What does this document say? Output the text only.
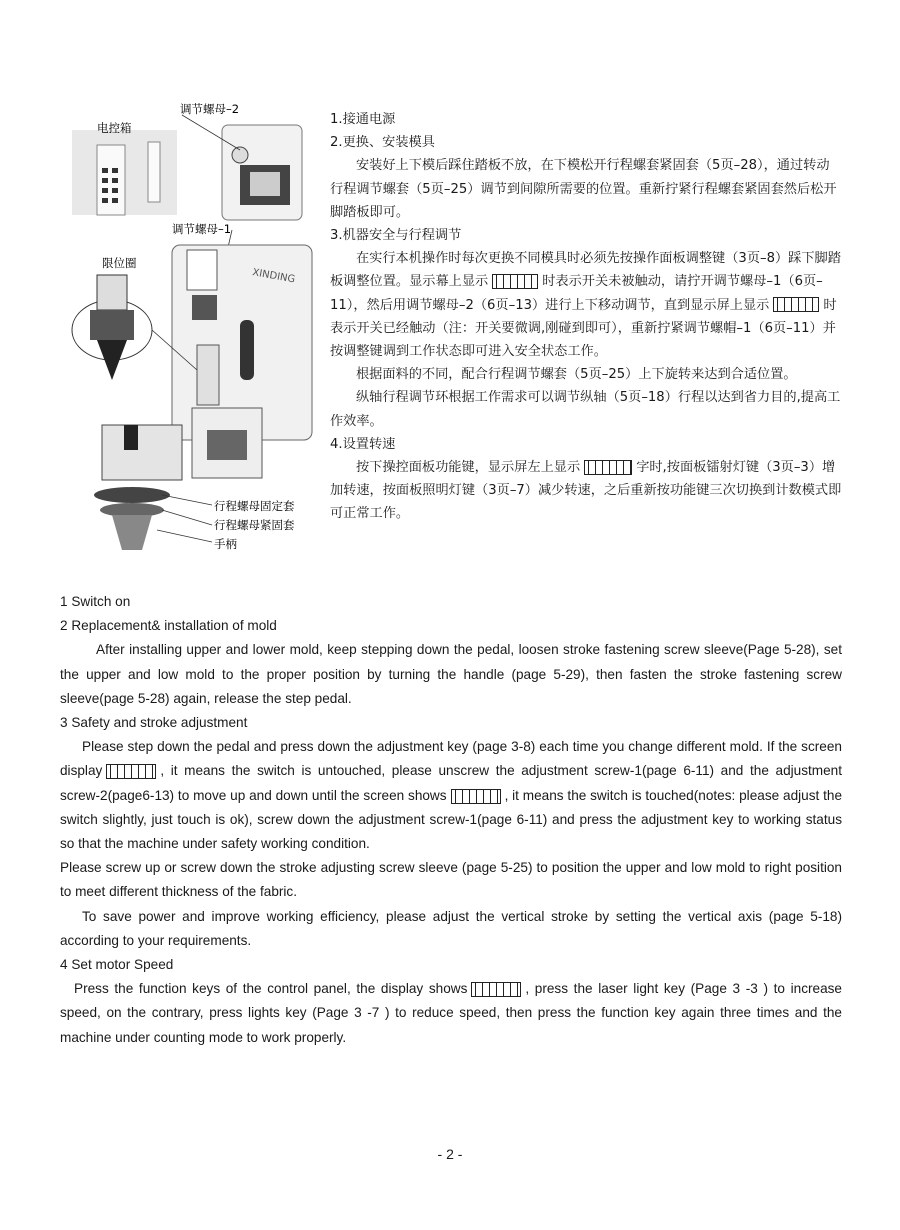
XINDING
电控箱
调节螺母–2
调节螺母–1
限位圈
行程螺母固定套
行程螺母紧固套
手柄

1.接通电源

2.更换、安装模具

安装好上下模后踩住踏板不放，在下模松开行程螺套紧固套（5页–28），通过转动行程调节螺套（5页–25）调节到间隙所需要的位置。重新拧紧行程螺套紧固套然后松开脚踏板即可。

3.机器安全与行程调节

在实行本机操作时每次更换不同模具时必须先按操作面板调整键（3页–8）踩下脚踏板调整位置。显示幕上显示	时表示开关未被触动，请拧开调节螺母–1（6页–11），然后用调节螺母–2（6页–13）进行上下移动调节，直到显示屏上显示	时表示开关已经触动（注：开关要微调,刚碰到即可），重新拧紧调节螺帽–1（6页–11）并按调整键调到工作状态即可进入安全状态工作。

根据面料的不同，配合行程调节螺套（5页–25）上下旋转来达到合适位置。

纵轴行程调节环根据工作需求可以调节纵轴（5页–18）行程以达到省力目的,提高工作效率。

4.设置转速

按下操控面板功能键，显示屏左上显示	字时,按面板镭射灯键（3页–3）增加转速，按面板照明灯键（3页–7）减少转速，之后重新按功能键三次切换到计数模式即可正常工作。

1 Switch on

2 Replacement& installation of mold

After installing upper and lower mold, keep stepping down the pedal, loosen stroke fastening screw sleeve(Page 5-28), set the upper and low mold to the proper position by turning the handle (page 5-29), then fasten the stroke fastening screw sleeve(page 5-28) again, release the step pedal.

3 Safety and stroke adjustment

Please step down the pedal and press down the adjustment key (page 3-8) each time you change different mold. If the screen display	, it means the switch is untouched, please unscrew the adjustment screw-1(page 6-11) and the adjustment screw-2(page6-13) to move up and down until the screen shows	, it means the switch is touched(notes: please adjust the switch slightly, just touch is ok), screw down the adjustment screw-1(page 6-11) and press the adjustment key to working status so that the machine under safety working condition.

Please screw up or screw down the stroke adjusting screw sleeve (page 5-25) to position the upper and low mold to right position to meet different thickness of the fabric.

To save power and improve working efficiency, please adjust the vertical stroke by setting the vertical axis (page 5-18) according to your requirements.

4 Set motor Speed

Press the function keys of the control panel, the display shows	, press the laser light key (Page 3 -3 ) to increase speed, on the contrary, press lights key (Page 3 -7 ) to reduce speed, then press the function key again three times and the machine under counting mode to work properly.

- 2 -
